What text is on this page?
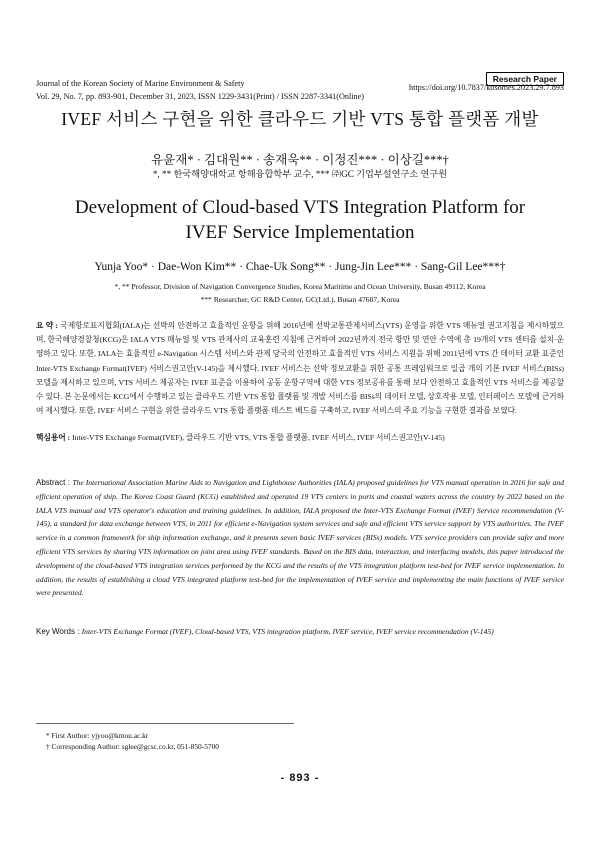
Journal of the Korean Society of Marine Environment & Safety
Vol. 29, No. 7, pp. 893-901, December 31, 2023, ISSN 1229-3431(Print) / ISSN 2287-3341(Online)
Research Paper
https://doi.org/10.7837/kosomes.2023.29.7.893
IVEF 서비스 구현을 위한 클라우드 기반 VTS 통합 플랫폼 개발
유윤재* · 김대원** · 송재욱** · 이정진*** · 이상길***†
*, ** 한국해양대학교 항해융합학부 교수, *** ㈜GC 기업부설연구소 연구원
Development of Cloud-based VTS Integration Platform for
IVEF Service Implementation
Yunja Yoo* · Dae-Won Kim** · Chae-Uk Song** · Jung-Jin Lee*** · Sang-Gil Lee***†
*, ** Professor, Division of Navigation Convergence Studies, Korea Maritime and Ocean University, Busan 49112, Korea
*** Researcher, GC R&D Center, GC(Ltd.), Busan 47607, Korea
요 약 : 국제항로표지협회(IALA)는 선박의 안전하고 효율적인 운항을 위해 2016년에 선박교통관제서비스(VTS) 운영을 위한 VTS 매뉴얼 권고지침을 제시하였으며, 한국해양경찰청(KCG)은 IALA VTS 매뉴얼 및 VTS 관제사의 교육훈련 지침에 근거하여 2022년까지 전국 항만 및 연안 수역에 총 19개의 VTS 센터를 설치·운영하고 있다. 또한, IALA는 효율적인 e-Navigation 시스템 서비스와 관제 당국의 안전하고 효율적인 VTS 서비스 지원을 위해 2011년에 VTS 간 데이터 교환 표준인 Inter-VTS Exchange Format(IVEF) 서비스권고안(V-145)을 제시했다. IVEF 서비스는 선박 정보교환을 위한 공통 프레임워크로 일곱 개의 기본 IVEF 서비스(BISs) 모델을 제시하고 있으며, VTS 서비스 제공자는 IVEF 표준을 이용하여 공동 운항구역에 대한 VTS 정보공유를 통해 보다 안전하고 효율적인 VTS 서비스를 제공할 수 있다. 본 논문에서는 KCG에서 수행하고 있는 클라우드 기반 VTS 통합 플랫폼 및 개발 서비스를 BISs의 데이터 모델, 상호작용 모델, 인터페이스 모델에 근거하여 제시했다. 또한, IVEF 서비스 구현을 위한 클라우드 VTS 통합 플랫폼 테스트 베드를 구축하고, IVEF 서비스의 주요 기능을 구현한 결과를 보였다.
핵심용어 : Inter-VTS Exchange Format(IVEF), 클라우드 기반 VTS, VTS 통합 플랫폼, IVEF 서비스, IVEF 서비스권고안(V-145)
Abstract : The International Association Marine Aids to Navigation and Lighthouse Authorities (IALA) proposed guidelines for VTS manual operation in 2016 for safe and efficient operation of ship. The Korea Coast Guard (KCG) established and operated 19 VTS centers in ports and coastal waters across the country by 2022 based on the IALA VTS manual and VTS operator's education and training guidelines. In addition, IALA proposed the Inter-VTS Exchange Format (IVEF) Service recommendation (V-145), a standard for data exchange between VTS, in 2011 for efficient e-Navigation system services and safe and efficient VTS service support by VTS authorities. The IVEF service in a common framework for ship information exchange, and it presents seven basic IVEF services (BISs) models. VTS service providers can provide safer and more efficient VTS services by sharing VTS information on joint area using IVEF standards. Based on the BIS data, interaction, and interfacing models, this paper introduced the development of the cloud-based VTS integration services performed by the KCG and the results of the VTS integration platform test-bed for IVEF service implementation. In addition, the results of establishing a cloud VTS integrated platform test-bed for the implementation of IVEF service and implementing the main functions of IVEF service were presented.
Key Words : Inter-VTS Exchange Format (IVEF), Cloud-based VTS, VTS integration platform, IVEF service, IVEF service recommendation (V-145)
* First Author: yjyoo@kmou.ac.kr
† Corresponding Author: sglee@gcsc.co.kr, 051-850-5700
- 893 -
